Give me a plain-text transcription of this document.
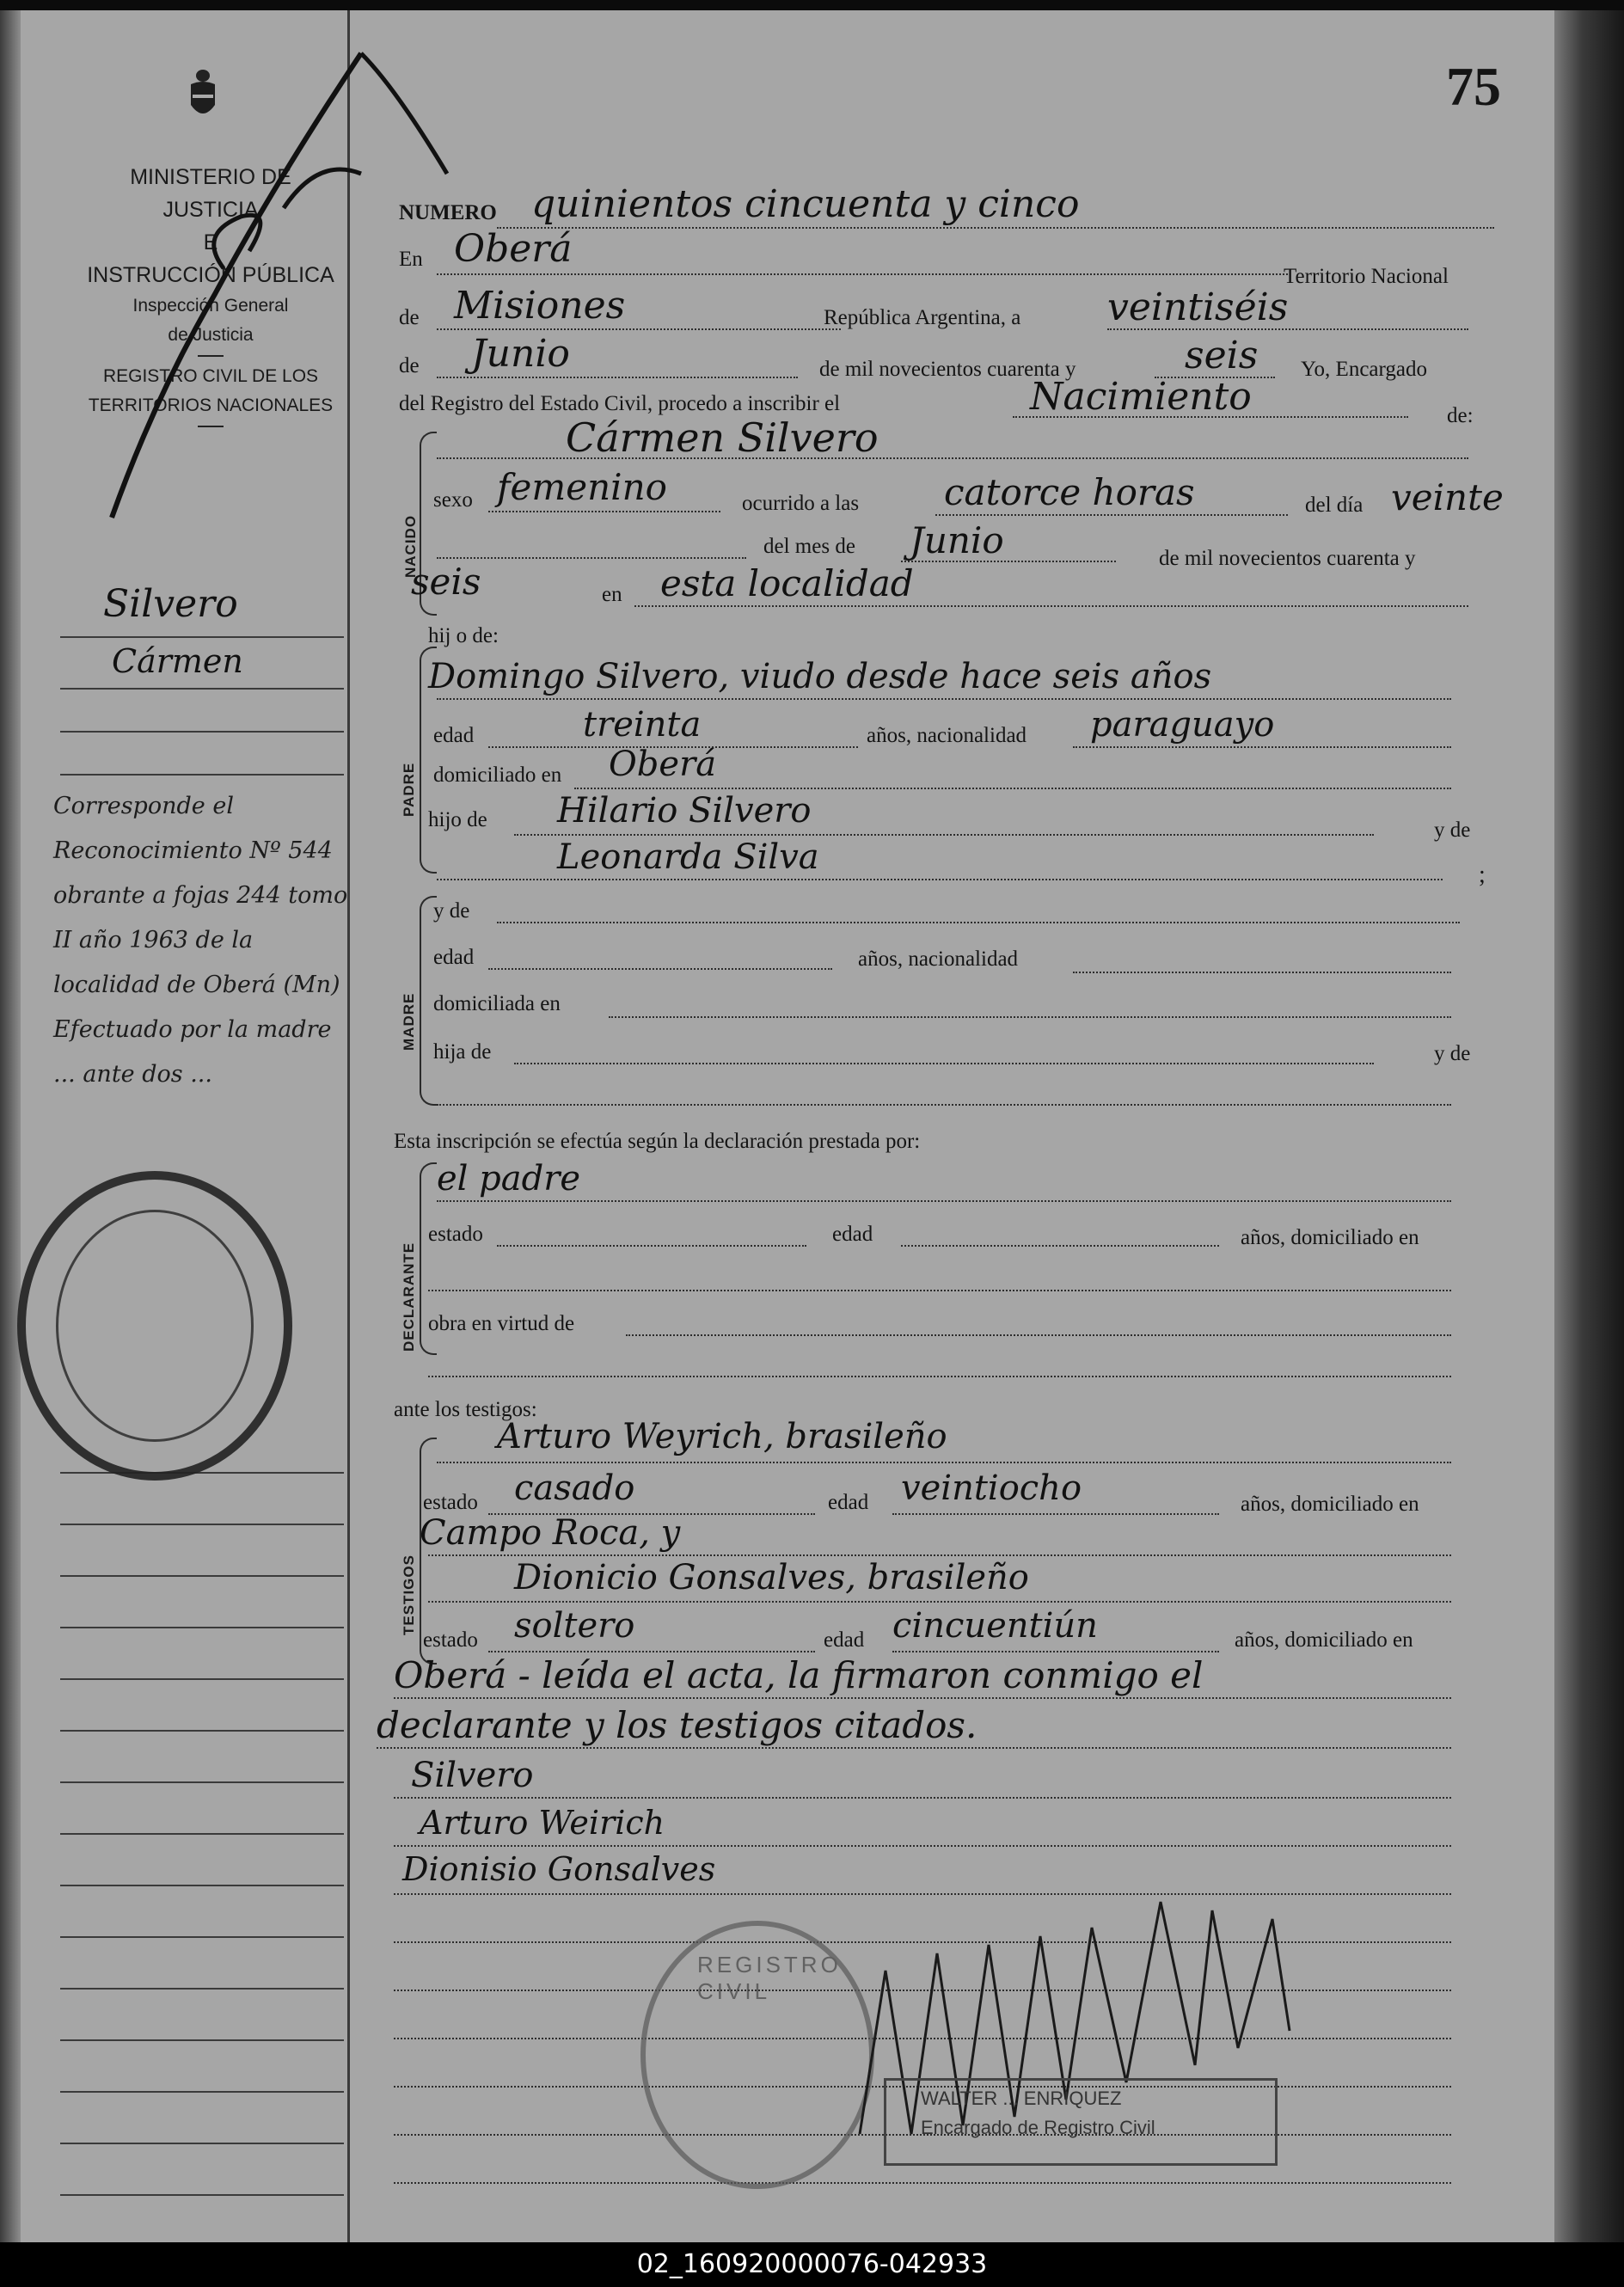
75
MINISTERIO DE JUSTICIA
E
INSTRUCCIÓN PÚBLICA
Inspección General
de Justicia
REGISTRO CIVIL DE LOS
TERRITORIOS NACIONALES
Silvero
Cármen
Corresponde el Reconocimiento Nº 544 obrante a fojas 244 tomo II año 1963 de la localidad de Oberá (Mn) Efectuado por la madre ... ante dos ...
NUMERO quinientos cincuenta y cinco
En Oberá
Territorio Nacional
de Misiones	República Argentina, a veintiséis
de Junio	de mil novecientos cuarenta y	seis Yo, Encargado
del Registro del Estado Civil, procedo a inscribir el	Nacimiento	de:
NACIDO
Cármen Silvero
sexo femenino	ocurrido a las catorce horas	del día veinte
del mes de Junio	de mil novecientos cuarenta y
seis	en esta localidad
hij o de:
PADRE
Domingo Silvero, viudo desde hace seis años
edad	treinta	años, nacionalidad paraguayo
domiciliado en Oberá
hijo de Hilario Silvero	y de
Leonarda Silva	;
MADRE
y de
edad	años, nacionalidad
domiciliada en
hija de	y de
Esta inscripción se efectúa según la declaración prestada por:
DECLARANTE
el padre
estado	edad	años, domiciliado en
obra en virtud de
ante los testigos:
TESTIGOS
Arturo Weyrich, brasileño
estado casado	edad veintiocho	años, domiciliado en
Campo Roca, y
Dionicio Gonsalves, brasileño
estado soltero	edad cincuentiún	años, domiciliado en
Oberá - leída el acta, la firmaron conmigo el
declarante y los testigos citados.
Silvero
Arturo Weirich
Dionisio Gonsalves
REGISTRO CIVIL
WALTER ... ENRIQUEZ
Encargado de Registro Civil
02_160920000076-042933
